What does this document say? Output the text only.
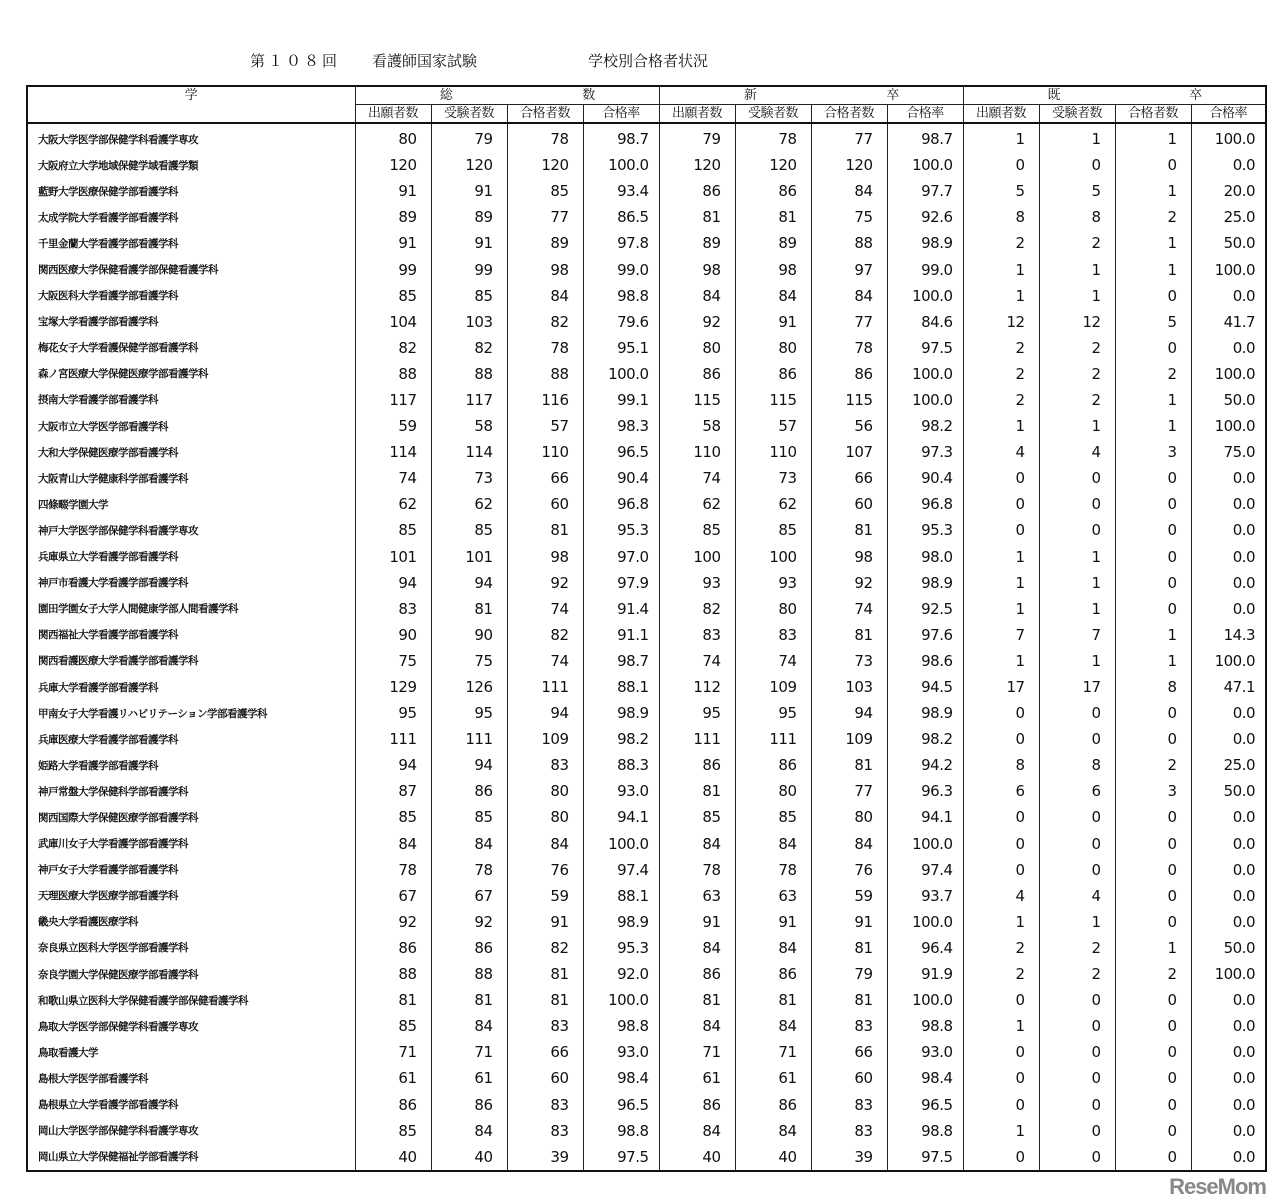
第１０８回 看護師国家試験	学校別合格者状況
学	総 数				新 卒				既 卒			

	出願者数	受験者数	合格者数	合格率	出願者数	受験者数	合格者数	合格率	出願者数	受験者数	合格者数	合格率
大阪大学医学部保健学科看護学専攻	80	79	78	98.7	79	78	77	98.7	1	1	1	100.0
大阪府立大学地域保健学域看護学類	120	120	120	100.0	120	120	120	100.0	0	0	0	0.0
藍野大学医療保健学部看護学科	91	91	85	93.4	86	86	84	97.7	5	5	1	20.0
太成学院大学看護学部看護学科	89	89	77	86.5	81	81	75	92.6	8	8	2	25.0
千里金蘭大学看護学部看護学科	91	91	89	97.8	89	89	88	98.9	2	2	1	50.0
関西医療大学保健看護学部保健看護学科	99	99	98	99.0	98	98	97	99.0	1	1	1	100.0
大阪医科大学看護学部看護学科	85	85	84	98.8	84	84	84	100.0	1	1	0	0.0
宝塚大学看護学部看護学科	104	103	82	79.6	92	91	77	84.6	12	12	5	41.7
梅花女子大学看護保健学部看護学科	82	82	78	95.1	80	80	78	97.5	2	2	0	0.0
森ノ宮医療大学保健医療学部看護学科	88	88	88	100.0	86	86	86	100.0	2	2	2	100.0
摂南大学看護学部看護学科	117	117	116	99.1	115	115	115	100.0	2	2	1	50.0
大阪市立大学医学部看護学科	59	58	57	98.3	58	57	56	98.2	1	1	1	100.0
大和大学保健医療学部看護学科	114	114	110	96.5	110	110	107	97.3	4	4	3	75.0
大阪青山大学健康科学部看護学科	74	73	66	90.4	74	73	66	90.4	0	0	0	0.0
四條畷学園大学	62	62	60	96.8	62	62	60	96.8	0	0	0	0.0
神戸大学医学部保健学科看護学専攻	85	85	81	95.3	85	85	81	95.3	0	0	0	0.0
兵庫県立大学看護学部看護学科	101	101	98	97.0	100	100	98	98.0	1	1	0	0.0
神戸市看護大学看護学部看護学科	94	94	92	97.9	93	93	92	98.9	1	1	0	0.0
園田学園女子大学人間健康学部人間看護学科	83	81	74	91.4	82	80	74	92.5	1	1	0	0.0
関西福祉大学看護学部看護学科	90	90	82	91.1	83	83	81	97.6	7	7	1	14.3
関西看護医療大学看護学部看護学科	75	75	74	98.7	74	74	73	98.6	1	1	1	100.0
兵庫大学看護学部看護学科	129	126	111	88.1	112	109	103	94.5	17	17	8	47.1
甲南女子大学看護リハビリテーション学部看護学科	95	95	94	98.9	95	95	94	98.9	0	0	0	0.0
兵庫医療大学看護学部看護学科	111	111	109	98.2	111	111	109	98.2	0	0	0	0.0
姫路大学看護学部看護学科	94	94	83	88.3	86	86	81	94.2	8	8	2	25.0
神戸常盤大学保健科学部看護学科	87	86	80	93.0	81	80	77	96.3	6	6	3	50.0
関西国際大学保健医療学部看護学科	85	85	80	94.1	85	85	80	94.1	0	0	0	0.0
武庫川女子大学看護学部看護学科	84	84	84	100.0	84	84	84	100.0	0	0	0	0.0
神戸女子大学看護学部看護学科	78	78	76	97.4	78	78	76	97.4	0	0	0	0.0
天理医療大学医療学部看護学科	67	67	59	88.1	63	63	59	93.7	4	4	0	0.0
畿央大学看護医療学科	92	92	91	98.9	91	91	91	100.0	1	1	0	0.0
奈良県立医科大学医学部看護学科	86	86	82	95.3	84	84	81	96.4	2	2	1	50.0
奈良学園大学保健医療学部看護学科	88	88	81	92.0	86	86	79	91.9	2	2	2	100.0
和歌山県立医科大学保健看護学部保健看護学科	81	81	81	100.0	81	81	81	100.0	0	0	0	0.0
鳥取大学医学部保健学科看護学専攻	85	84	83	98.8	84	84	83	98.8	1	0	0	0.0
鳥取看護大学	71	71	66	93.0	71	71	66	93.0	0	0	0	0.0
島根大学医学部看護学科	61	61	60	98.4	61	61	60	98.4	0	0	0	0.0
島根県立大学看護学部看護学科	86	86	83	96.5	86	86	83	96.5	0	0	0	0.0
岡山大学医学部保健学科看護学専攻	85	84	83	98.8	84	84	83	98.8	1	0	0	0.0
岡山県立大学保健福祉学部看護学科	40	40	39	97.5	40	40	39	97.5	0	0	0	0.0
ReseMom
